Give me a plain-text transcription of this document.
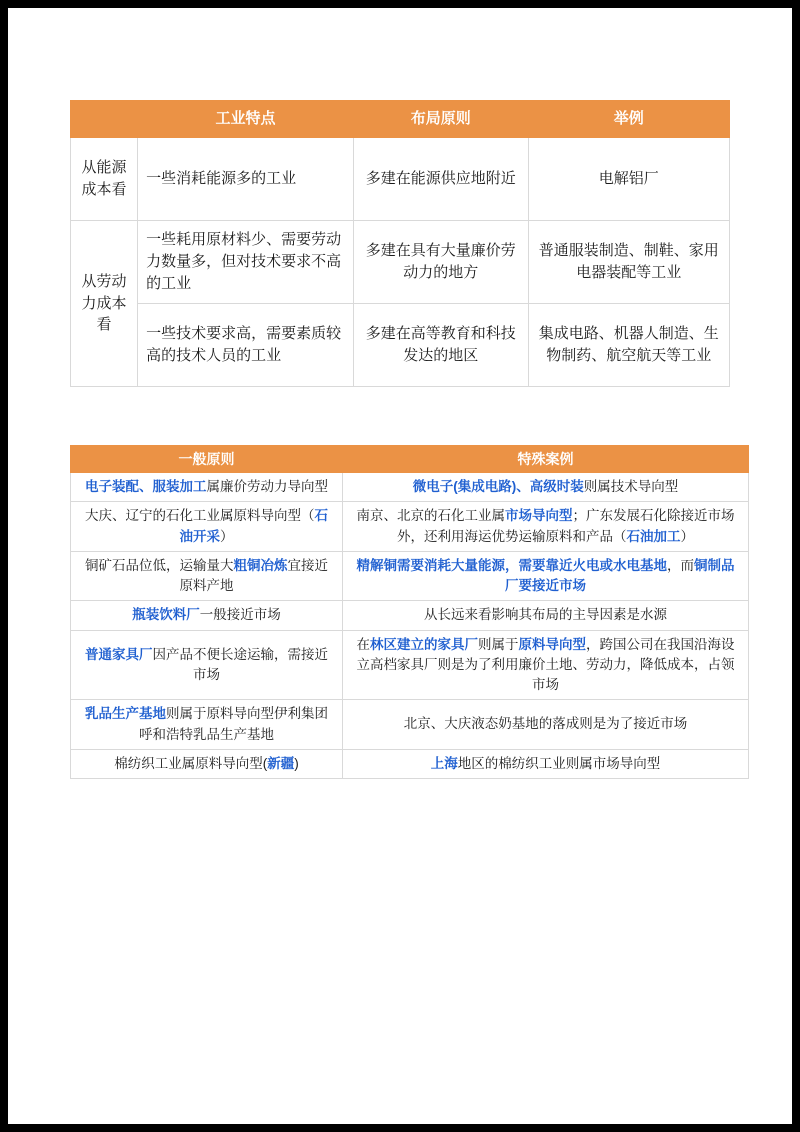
	工业特点	布局原则	举例
从能源成本看	一些消耗能源多的工业	多建在能源供应地附近	电解铝厂
从劳动力成本看	一些耗用原材料少、需要劳动力数量多，但对技术要求不高的工业	多建在具有大量廉价劳动力的地方	普通服装制造、制鞋、家用电器装配等工业
	一些技术要求高，需要素质较高的技术人员的工业	多建在高等教育和科技发达的地区	集成电路、机器人制造、生物制药、航空航天等工业
一般原则	特殊案例
电子装配、服装加工属廉价劳动力导向型	微电子(集成电路)、高级时装则属技术导向型
大庆、辽宁的石化工业属原料导向型（石油开采）	南京、北京的石化工业属市场导向型；广东发展石化除接近市场外，还利用海运优势运输原料和产品（石油加工）
铜矿石品位低，运输量大粗铜冶炼宜接近原料产地	精解铜需要消耗大量能源，需要靠近火电或水电基地，而铜制品厂要接近市场
瓶装饮料厂一般接近市场	从长远来看影响其布局的主导因素是水源
普通家具厂因产品不便长途运输，需接近市场	在林区建立的家具厂则属于原料导向型，跨国公司在我国沿海设立高档家具厂则是为了利用廉价土地、劳动力，降低成本，占领市场
乳品生产基地则属于原料导向型伊利集团呼和浩特乳品生产基地	北京、大庆液态奶基地的落成则是为了接近市场
棉纺织工业属原料导向型(新疆)	上海地区的棉纺织工业则属市场导向型
